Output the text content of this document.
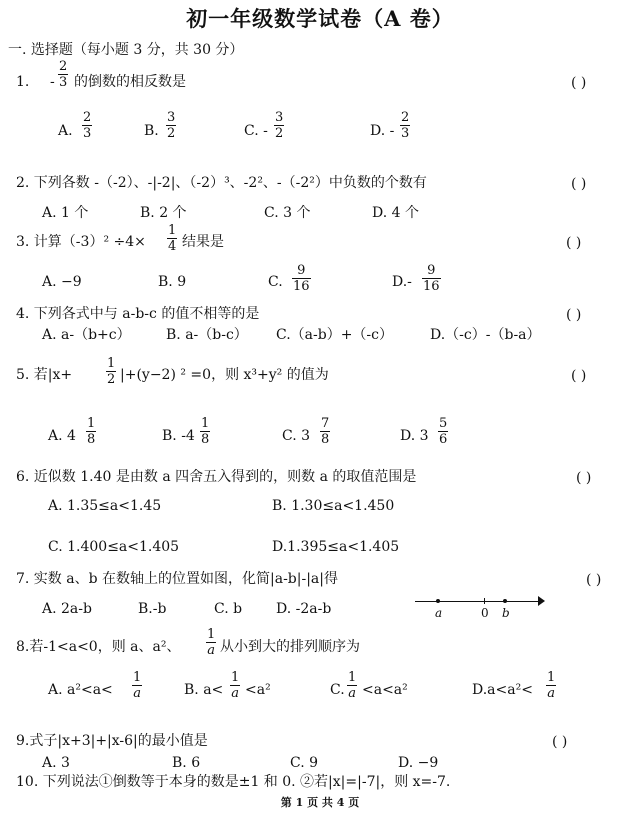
初一年级数学试卷（A 卷）
一. 选择题（每小题 3 分，共 30 分）
1. - $\frac{2}{3}$ 的倒数的相反数是	( )
A. $\frac{2}{3}$	B. $\frac{3}{2}$	C. - $\frac{3}{2}$	D. - $\frac{2}{3}$
2. 下列各数 -（-2）、-|-2|、（-2）³、-2²、-（-2²）中负数的个数有	( )
A. 1 个	B. 2 个	C. 3 个	D. 4 个
3. 计算$(-3)^2 \div 4\times \frac{1}{4}$ 结果是	( )
A. −9	B. 9	C. $\frac{9}{16}$	$D.- \frac{9}{16}$
4. 下列各式中与 a-b-c 的值不相等的是	( )
A. a-（b+c）	B. a-（b-c） C.（a-b）+（-c）	D.（-c）-（b-a）
5. 若|x+	$\frac{1}{2} |+(y-2)$ ² =0，则 x³+y² 的值为	( )
A. $4 \frac{1}{8}$	B. $-4 \frac{1}{8}$	C. $3 \frac{7}{8}$	D. $3 \frac{5}{6}$
6. 近似数 1.40 是由数 a 四舍五入得到的，则数 a 的取值范围是	( )
A. 1.35≤a<1.45	B. 1.30≤a<1.450
C. 1.400≤a<1.405	D.1.395≤a<1.405
7. 实数 a、b 在数轴上的位置如图，化简|a-b|-|a|得	( )
A. 2a-b	B.-b	C. b D. -2a-b	a	0 b
8.若-1<a<0，则 a、a²、 $\frac{1}{a}$ 从小到大的排列顺序为
A. $a^2<a< \frac{1}{a}$	B. $a< \frac{1}{a} <a^2$	C. $\frac{1}{a} <a<a^2$	$D.a<a^2< \frac{1}{a}$
9.式子|x+3|+|x-6|的最小值是	( )
A. 3	B. 6	C. 9	D. −9
10. 下列说法①倒数等于本身的数是±1 和 0. ②若|x|=|-7|，则 x=-7.
第 1 页 共 4 页
